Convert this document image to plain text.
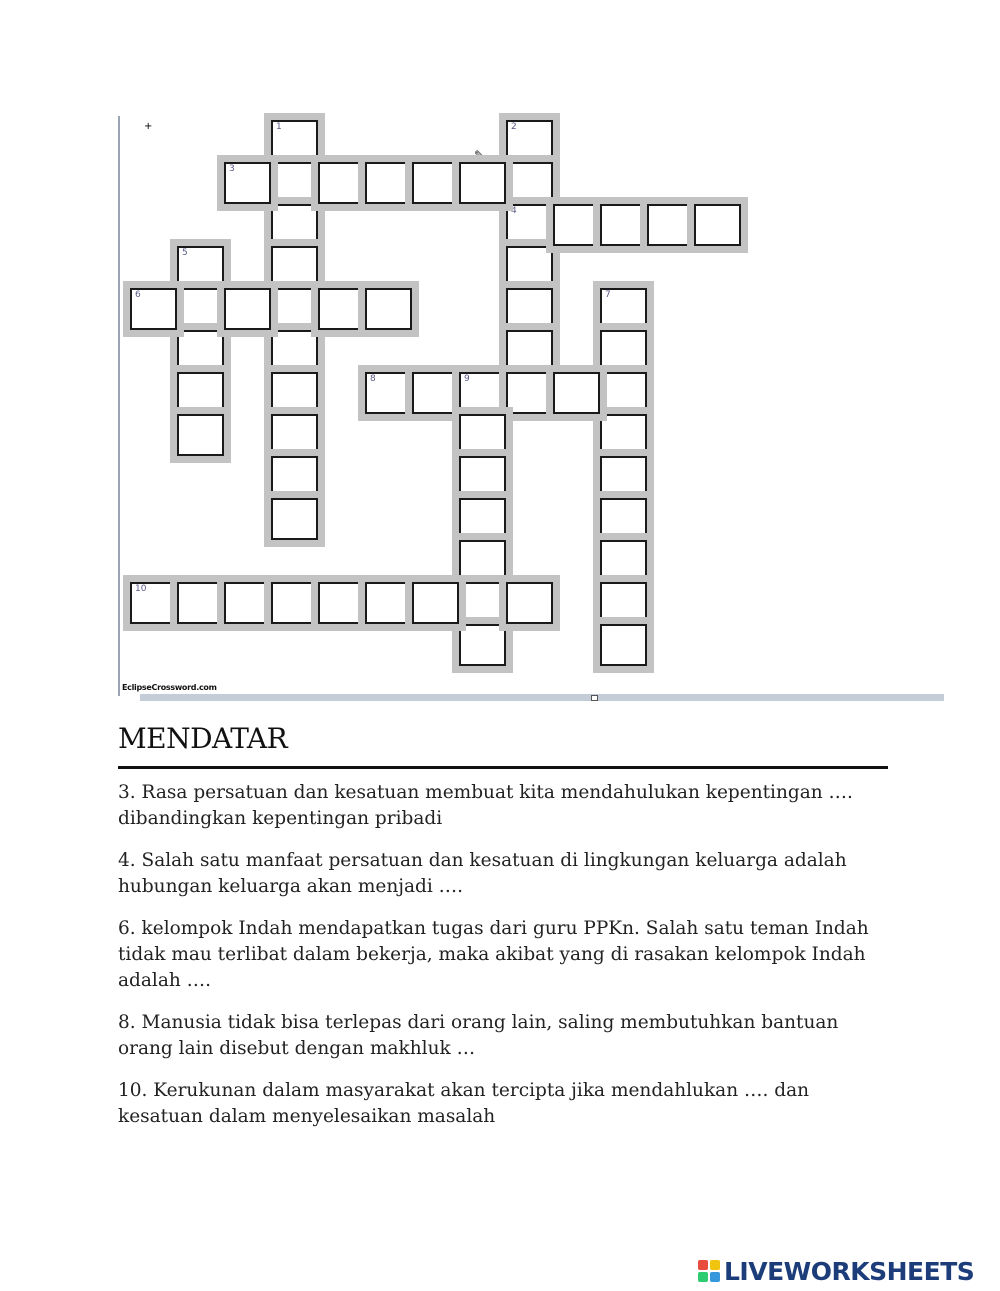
+
✎
1	2
4
3
5
6	7
8	9
10
EclipseCrossword.com
MENDATAR

3. Rasa persatuan dan kesatuan membuat kita mendahulukan kepentingan …. dibandingkan kepentingan pribadi

4. Salah satu manfaat persatuan dan kesatuan di lingkungan keluarga adalah hubungan keluarga akan menjadi ….

6. kelompok Indah mendapatkan tugas dari guru PPKn. Salah satu teman Indah tidak mau terlibat dalam bekerja, maka akibat yang di rasakan kelompok Indah adalah ….

8. Manusia tidak bisa terlepas dari orang lain, saling membutuhkan bantuan orang lain disebut dengan makhluk …

10. Kerukunan dalam masyarakat akan tercipta jika mendahlukan …. dan kesatuan dalam menyelesaikan masalah

LIVEWORKSHEETS
